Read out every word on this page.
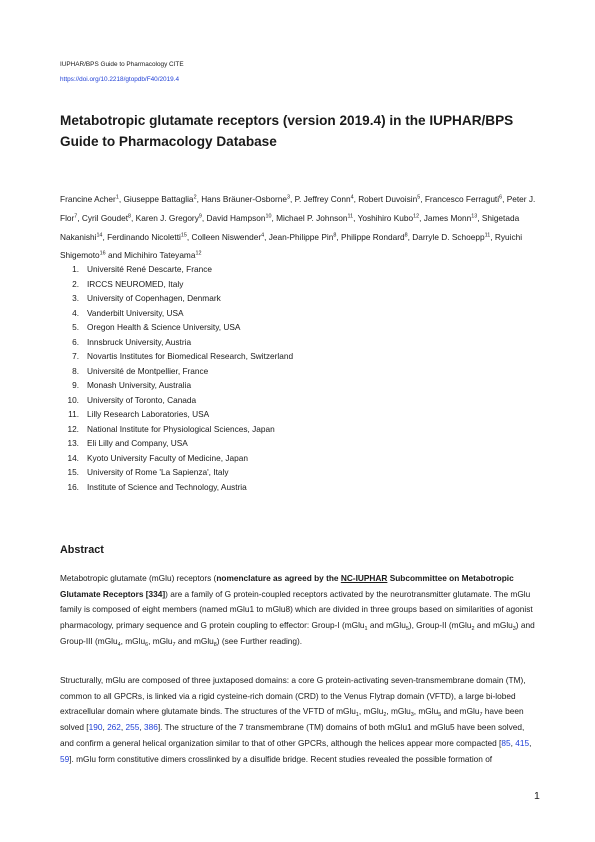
IUPHAR/BPS Guide to Pharmacology CITE
https://doi.org/10.2218/gtopdb/F40/2019.4
Metabotropic glutamate receptors (version 2019.4) in the IUPHAR/BPS Guide to Pharmacology Database
Francine Acher$^1$, Giuseppe Battaglia$^2$, Hans Bräuner-Osborne$^3$, P. Jeffrey Conn$^4$, Robert Duvoisin$^5$, Francesco Ferraguti$^6$, Peter J. Flor$^7$, Cyril Goudet$^8$, Karen J. Gregory$^9$, David Hampson$^{10}$, Michael P. Johnson$^{11}$, Yoshihiro Kubo$^{12}$, James Monn$^{13}$, Shigetada Nakanishi$^{14}$, Ferdinando Nicoletti$^{15}$, Colleen Niswender$^4$, Jean-Philippe Pin$^8$, Philippe Rondard$^8$, Darryle D. Schoepp$^{11}$, Ryuichi Shigemoto$^{16}$ and Michihiro Tateyama$^{12}$
1. Université René Descarte, France
2. IRCCS NEUROMED, Italy
3. University of Copenhagen, Denmark
4. Vanderbilt University, USA
5. Oregon Health & Science University, USA
6. Innsbruck University, Austria
7. Novartis Institutes for Biomedical Research, Switzerland
8. Université de Montpellier, France
9. Monash University, Australia
10. University of Toronto, Canada
11. Lilly Research Laboratories, USA
12. National Institute for Physiological Sciences, Japan
13. Eli Lilly and Company, USA
14. Kyoto University Faculty of Medicine, Japan
15. University of Rome 'La Sapienza', Italy
16. Institute of Science and Technology, Austria
Abstract

Metabotropic glutamate (mGlu) receptors (nomenclature as agreed by the NC-IUPHAR Subcommittee on Metabotropic Glutamate Receptors [334]) are a family of G protein-coupled receptors activated by the neurotransmitter glutamate. The mGlu family is composed of eight members (named mGlu1 to mGlu8) which are divided in three groups based on similarities of agonist pharmacology, primary sequence and G protein coupling to effector: Group-I (mGlu$_1$ and mGlu$_5$), Group-II (mGlu$_2$ and mGlu$_3$) and Group-III (mGlu$_4$, mGlu$_6$, mGlu$_7$ and mGlu$_8$) (see Further reading).

Structurally, mGlu are composed of three juxtaposed domains: a core G protein-activating seven-transmembrane domain (TM), common to all GPCRs, is linked via a rigid cysteine-rich domain (CRD) to the Venus Flytrap domain (VFTD), a large bi-lobed extracellular domain where glutamate binds. The structures of the VFTD of mGlu$_1$, mGlu$_2$, mGlu$_3$, mGlu$_5$ and mGlu$_7$ have been solved [190, 262, 255, 386]. The structure of the 7 transmembrane (TM) domains of both mGlu1 and mGlu5 have been solved, and confirm a general helical organization similar to that of other GPCRs, although the helices appear more compacted [85, 415, 59]. mGlu form constitutive dimers crosslinked by a disulfide bridge. Recent studies revealed the possible formation of

1
